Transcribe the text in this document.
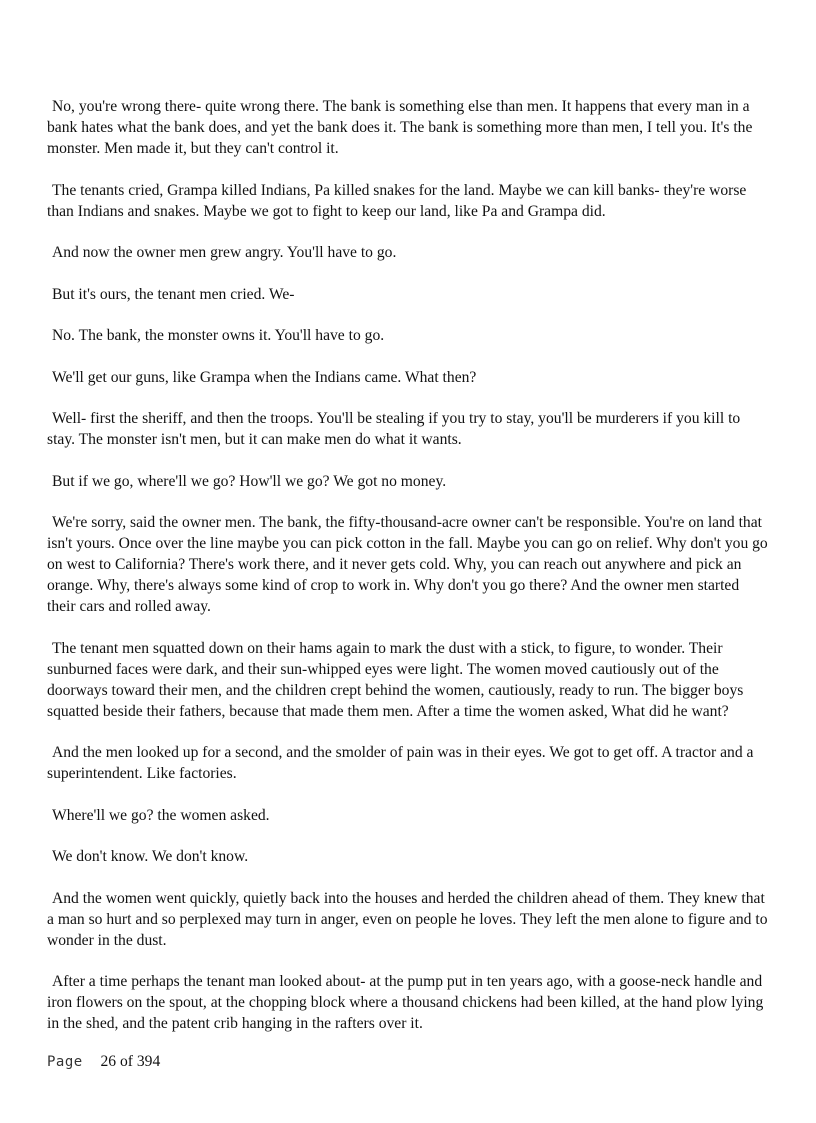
No, you're wrong there- quite wrong there. The bank is something else than men. It happens that every man in a bank hates what the bank does, and yet the bank does it. The bank is something more than men, I tell you. It's the monster. Men made it, but they can't control it.

The tenants cried, Grampa killed Indians, Pa killed snakes for the land. Maybe we can kill banks- they're worse than Indians and snakes. Maybe we got to fight to keep our land, like Pa and Grampa did.

And now the owner men grew angry. You'll have to go.

But it's ours, the tenant men cried. We-

No. The bank, the monster owns it. You'll have to go.

We'll get our guns, like Grampa when the Indians came. What then?

Well- first the sheriff, and then the troops. You'll be stealing if you try to stay, you'll be murderers if you kill to stay. The monster isn't men, but it can make men do what it wants.

But if we go, where'll we go? How'll we go? We got no money.

We're sorry, said the owner men. The bank, the fifty-thousand-acre owner can't be responsible. You're on land that isn't yours. Once over the line maybe you can pick cotton in the fall. Maybe you can go on relief. Why don't you go on west to California? There's work there, and it never gets cold. Why, you can reach out anywhere and pick an orange. Why, there's always some kind of crop to work in. Why don't you go there? And the owner men started their cars and rolled away.

The tenant men squatted down on their hams again to mark the dust with a stick, to figure, to wonder. Their sunburned faces were dark, and their sun-whipped eyes were light. The women moved cautiously out of the doorways toward their men, and the children crept behind the women, cautiously, ready to run. The bigger boys squatted beside their fathers, because that made them men. After a time the women asked, What did he want?

And the men looked up for a second, and the smolder of pain was in their eyes. We got to get off. A tractor and a superintendent. Like factories.

Where'll we go? the women asked.

We don't know. We don't know.

And the women went quickly, quietly back into the houses and herded the children ahead of them. They knew that a man so hurt and so perplexed may turn in anger, even on people he loves. They left the men alone to figure and to wonder in the dust.

After a time perhaps the tenant man looked about- at the pump put in ten years ago, with a goose-neck handle and iron flowers on the spout, at the chopping block where a thousand chickens had been killed, at the hand plow lying in the shed, and the patent crib hanging in the rafters over it.

Page 26 of 394
